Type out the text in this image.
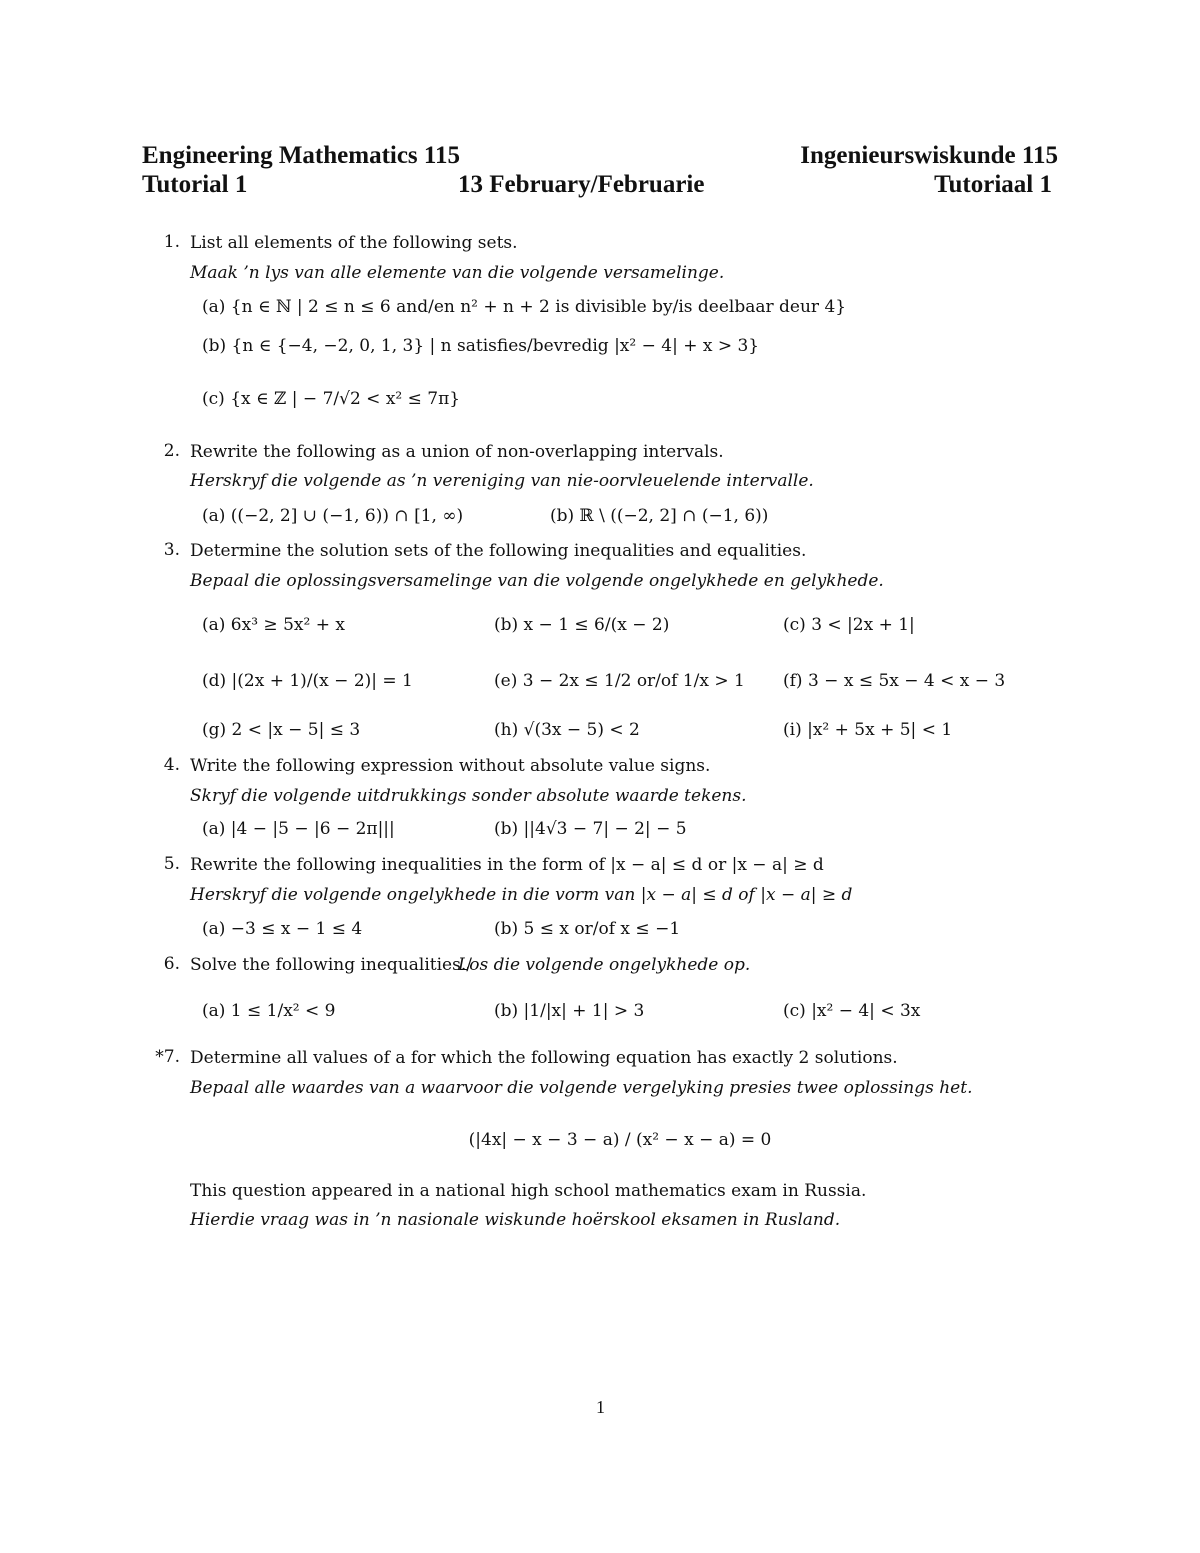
Engineering Mathematics 115	Ingenieurswiskunde 115
Tutorial 1	13 February/Februarie	Tutoriaal 1
1. List all elements of the following sets.
Maak ’n lys van alle elemente van die volgende versamelinge.
(a) {n ∈ ℕ | 2 ≤ n ≤ 6 and/en n² + n + 2 is divisible by/is deelbaar deur 4}
(b) {n ∈ {−4, −2, 0, 1, 3} | n satisfies/bevredig |x² − 4| + x > 3}
(c) {x ∈ ℤ | − 7/√2 < x² ≤ 7π}
2. Rewrite the following as a union of non-overlapping intervals.
Herskryf die volgende as ’n vereniging van nie-oorvleuelende intervalle.
(a) ((−2, 2] ∪ (−1, 6)) ∩ [1, ∞)	(b) ℝ \ ((−2, 2] ∩ (−1, 6))
3. Determine the solution sets of the following inequalities and equalities.
Bepaal die oplossingsversamelinge van die volgende ongelykhede en gelykhede.
(a) 6x³ ≥ 5x² + x	(b) x − 1 ≤ 6/(x − 2)	(c) 3 < |2x + 1|
(d) |(2x + 1)/(x − 2)| = 1	(e) 3 − 2x ≤ 1/2 or/of 1/x > 1 (f) 3 − x ≤ 5x − 4 < x − 3
(g) 2 < |x − 5| ≤ 3	(h) √(3x − 5) < 2	(i) |x² + 5x + 5| < 1
4. Write the following expression without absolute value signs.
Skryf die volgende uitdrukkings sonder absolute waarde tekens.
(a) |4 − |5 − |6 − 2π|||	(b) ||4√3 − 7| − 2| − 5
5. Rewrite the following inequalities in the form of |x − a| ≤ d or |x − a| ≥ d
Herskryf die volgende ongelykhede in die vorm van |x − a| ≤ d of |x − a| ≥ d
(a) −3 ≤ x − 1 ≤ 4	(b) 5 ≤ x or/of x ≤ −1
6. Solve the following inequalities./
Los die volgende ongelykhede op.
(a) 1 ≤ 1/x² < 9	(b) |1/|x| + 1| > 3	(c) |x² − 4| < 3x
*7. Determine all values of a for which the following equation has exactly 2 solutions.
Bepaal alle waardes van a waarvoor die volgende vergelyking presies twee oplossings het.
(|4x| − x − 3 − a) / (x² − x − a) = 0
This question appeared in a national high school mathematics exam in Russia.
Hierdie vraag was in ’n nasionale wiskunde hoërskool eksamen in Rusland.
1
